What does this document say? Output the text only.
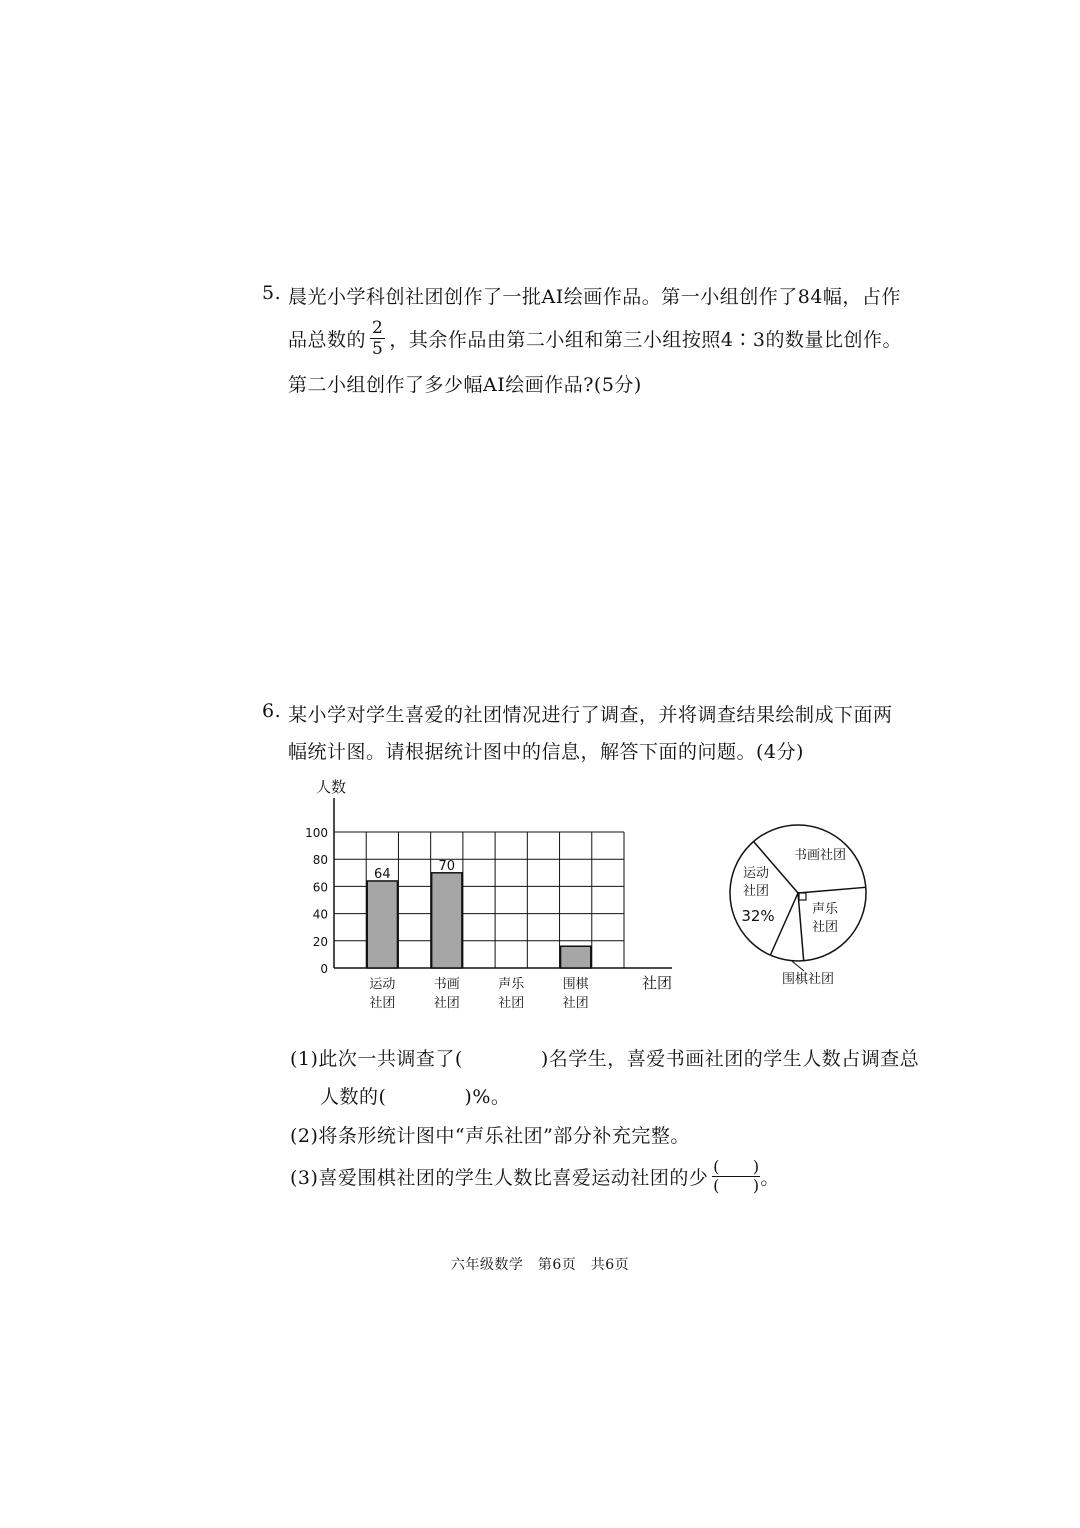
5. 晨光小学科创社团创作了一批AI绘画作品。第一小组创作了84幅，占作
品总数的 $\frac{2}{5}$ ，其余作品由第二小组和第三小组按照4∶3的数量比创作。
第二小组创作了多少幅AI绘画作品?(5分)
6. 某小学对学生喜爱的社团情况进行了调查，并将调查结果绘制成下面两
幅统计图。请根据统计图中的信息，解答下面的问题。(4分)
0
20
40
60
80
100
人数
社团
64
运动
社团
70
书画
社团
声乐
社团
围棋
社团
运动
社团
32%
书画社团
声乐
社团
围棋社团
(1)此次一共调查了(　　　　)名学生，喜爱书画社团的学生人数占调查总
人数的(　　　　)%。
(2)将条形统计图中“声乐社团”部分补充完整。
(3)喜爱围棋社团的学生人数比喜爱运动社团的少 $\frac{( )}{( )}$ 。
六年级数学　第6页　共6页
